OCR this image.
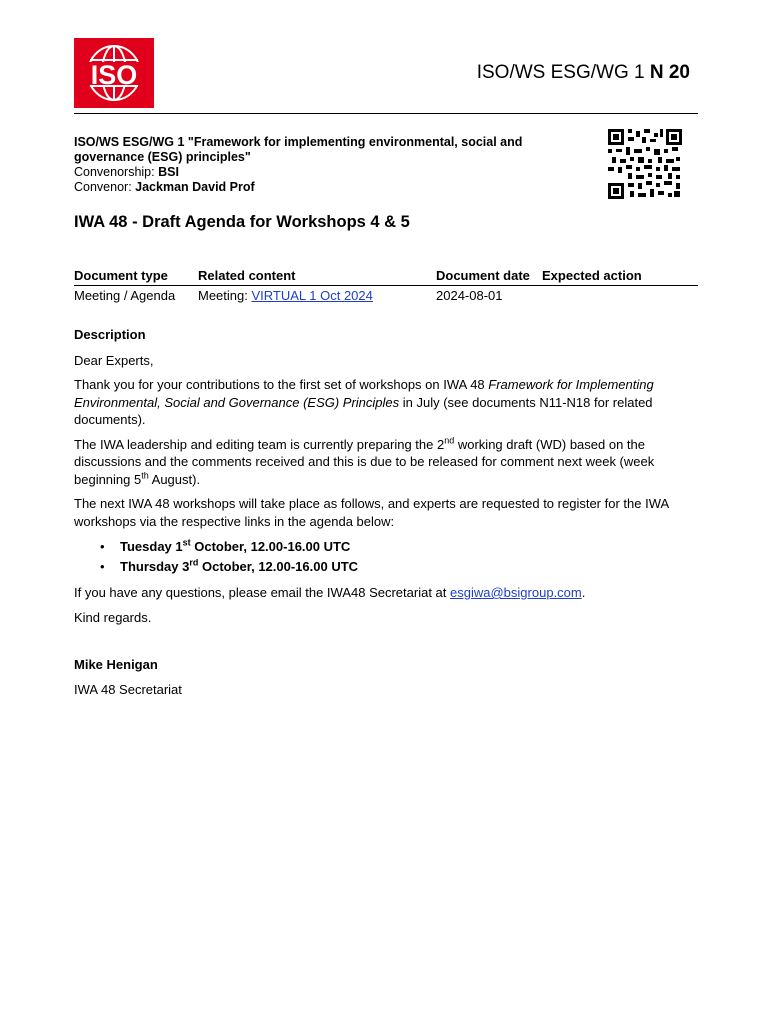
ISO	ISO/WS ESG/WG 1 N 20
ISO/WS ESG/WG 1 "Framework for implementing environmental, social and governance (ESG) principles"
Convenorship: BSI
Convenor: Jackman David Prof
IWA 48 - Draft Agenda for Workshops 4 & 5
Document type	Related content	Document date	Expected action
Meeting / Agenda	Meeting: VIRTUAL 1 Oct 2024	2024-08-01	

Description

Dear Experts,

Thank you for your contributions to the first set of workshops on IWA 48 Framework for Implementing Environmental, Social and Governance (ESG) Principles in July (see documents N11-N18 for related documents).

The IWA leadership and editing team is currently preparing the 2nd working draft (WD) based on the discussions and the comments received and this is due to be released for comment next week (week beginning 5th August).

The next IWA 48 workshops will take place as follows, and experts are requested to register for the IWA workshops via the respective links in the agenda below:

• Tuesday 1st October, 12.00-16.00 UTC
• Thursday 3rd October, 12.00-16.00 UTC

If you have any questions, please email the IWA48 Secretariat at esgiwa@bsigroup.com.

Kind regards.

Mike Henigan

IWA 48 Secretariat
